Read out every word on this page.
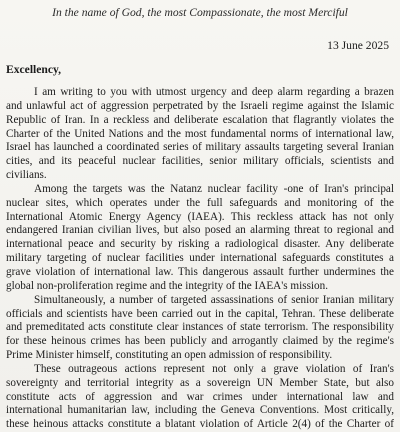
In the name of God, the most Compassionate, the most Merciful
13 June 2025
Excellency,
I am writing to you with utmost urgency and deep alarm regarding a brazen
and unlawful act of aggression perpetrated by the Israeli regime against the Islamic
Republic of Iran. In a reckless and deliberate escalation that flagrantly violates the
Charter of the United Nations and the most fundamental norms of international law,
Israel has launched a coordinated series of military assaults targeting several Iranian
cities, and its peaceful nuclear facilities, senior military officials, scientists and
civilians.
Among the targets was the Natanz nuclear facility -one of Iran's principal
nuclear sites, which operates under the full safeguards and monitoring of the
International Atomic Energy Agency (IAEA). This reckless attack has not only
endangered Iranian civilian lives, but also posed an alarming threat to regional and
international peace and security by risking a radiological disaster. Any deliberate
military targeting of nuclear facilities under international safeguards constitutes a
grave violation of international law. This dangerous assault further undermines the
global non-proliferation regime and the integrity of the IAEA's mission.
Simultaneously, a number of targeted assassinations of senior Iranian military
officials and scientists have been carried out in the capital, Tehran. These deliberate
and premeditated acts constitute clear instances of state terrorism. The responsibility
for these heinous crimes has been publicly and arrogantly claimed by the regime's
Prime Minister himself, constituting an open admission of responsibility.
These outrageous actions represent not only a grave violation of Iran's
sovereignty and territorial integrity as a sovereign UN Member State, but also
constitute acts of aggression and war crimes under international law and
international humanitarian law, including the Geneva Conventions. Most critically,
these heinous attacks constitute a blatant violation of Article 2(4) of the Charter of
